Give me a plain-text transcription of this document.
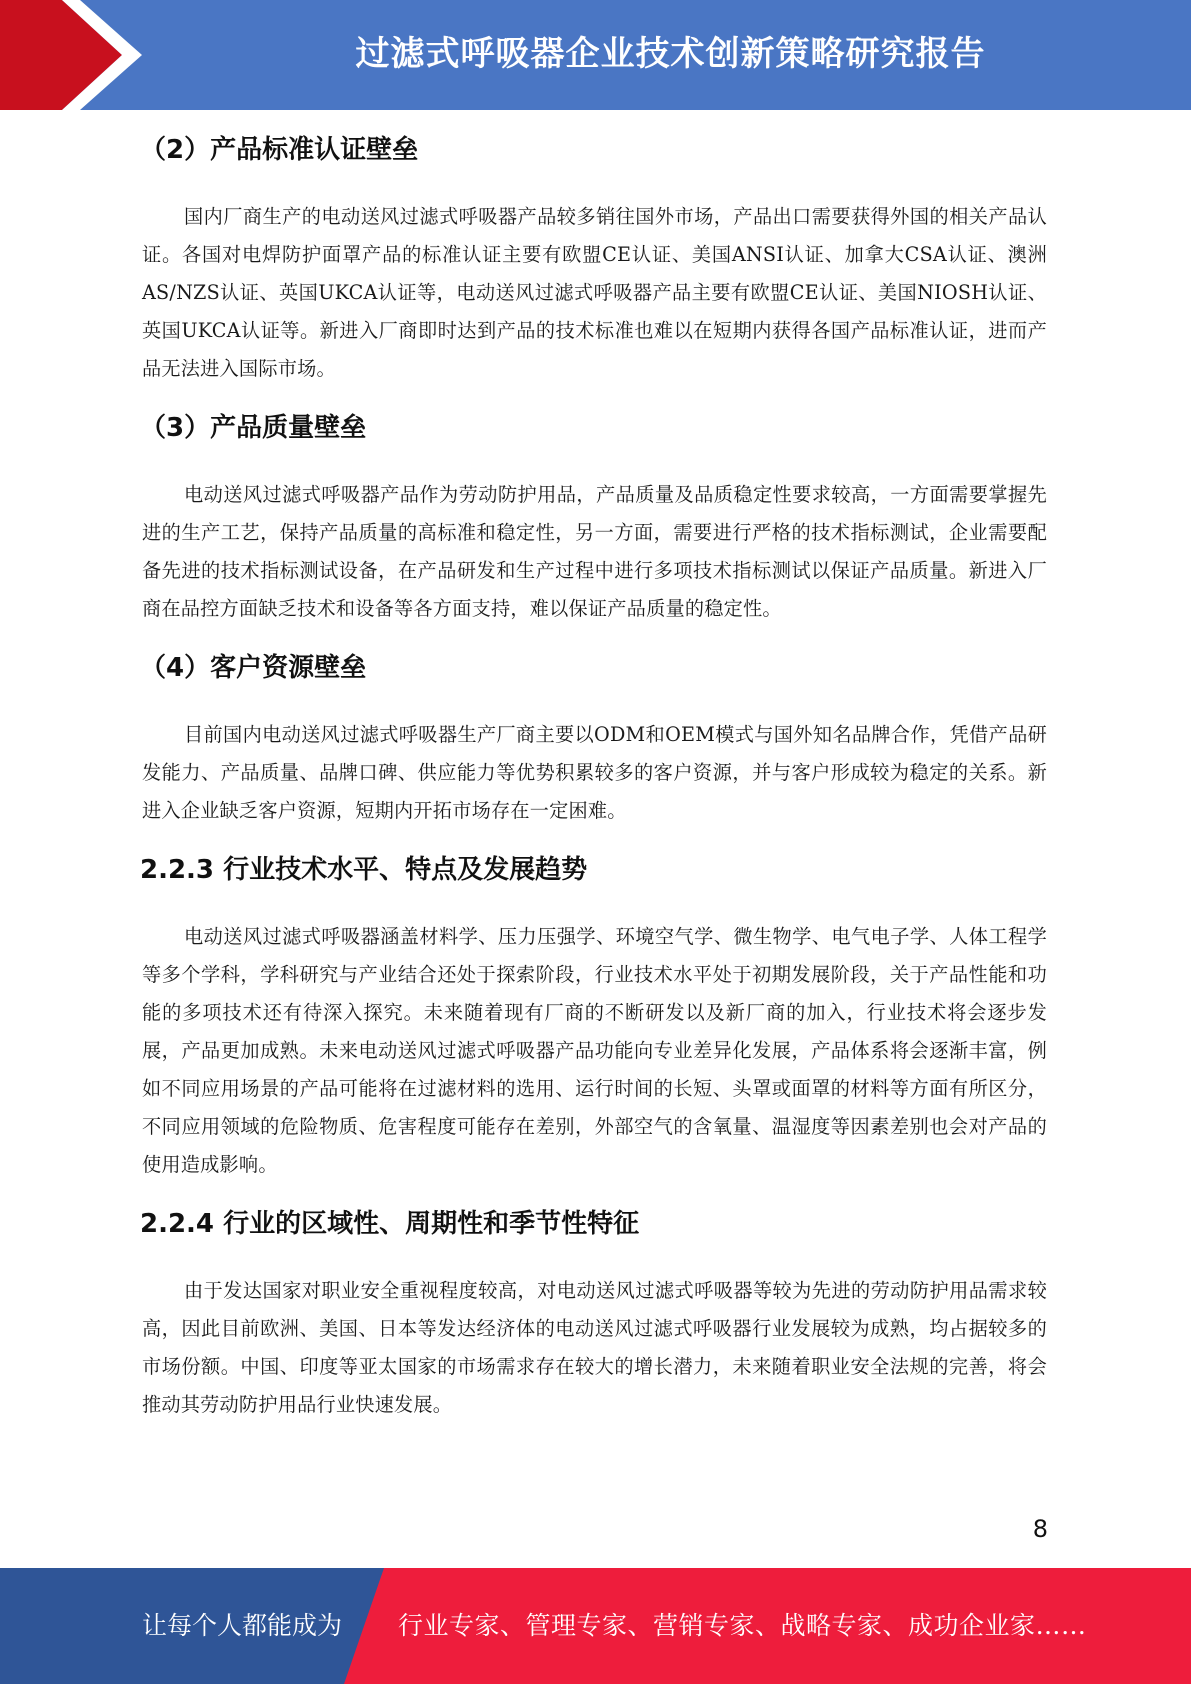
过滤式呼吸器企业技术创新策略研究报告
（2）产品标准认证壁垒

国内厂商生产的电动送风过滤式呼吸器产品较多销往国外市场，产品出口需要获得外国的相关产品认证。各国对电焊防护面罩产品的标准认证主要有欧盟CE认证、美国ANSI认证、加拿大CSA认证、澳洲AS/NZS认证、英国UKCA认证等，电动送风过滤式呼吸器产品主要有欧盟CE认证、美国NIOSH认证、英国UKCA认证等。新进入厂商即时达到产品的技术标准也难以在短期内获得各国产品标准认证，进而产品无法进入国际市场。

（3）产品质量壁垒

电动送风过滤式呼吸器产品作为劳动防护用品，产品质量及品质稳定性要求较高，一方面需要掌握先进的生产工艺，保持产品质量的高标准和稳定性，另一方面，需要进行严格的技术指标测试，企业需要配备先进的技术指标测试设备，在产品研发和生产过程中进行多项技术指标测试以保证产品质量。新进入厂商在品控方面缺乏技术和设备等各方面支持，难以保证产品质量的稳定性。

（4）客户资源壁垒

目前国内电动送风过滤式呼吸器生产厂商主要以ODM和OEM模式与国外知名品牌合作，凭借产品研发能力、产品质量、品牌口碑、供应能力等优势积累较多的客户资源，并与客户形成较为稳定的关系。新进入企业缺乏客户资源，短期内开拓市场存在一定困难。

2.2.3 行业技术水平、特点及发展趋势

电动送风过滤式呼吸器涵盖材料学、压力压强学、环境空气学、微生物学、电气电子学、人体工程学等多个学科，学科研究与产业结合还处于探索阶段，行业技术水平处于初期发展阶段，关于产品性能和功能的多项技术还有待深入探究。未来随着现有厂商的不断研发以及新厂商的加入，行业技术将会逐步发展，产品更加成熟。未来电动送风过滤式呼吸器产品功能向专业差异化发展，产品体系将会逐渐丰富，例如不同应用场景的产品可能将在过滤材料的选用、运行时间的长短、头罩或面罩的材料等方面有所区分，不同应用领域的危险物质、危害程度可能存在差别，外部空气的含氧量、温湿度等因素差别也会对产品的使用造成影响。

2.2.4 行业的区域性、周期性和季节性特征

由于发达国家对职业安全重视程度较高，对电动送风过滤式呼吸器等较为先进的劳动防护用品需求较高，因此目前欧洲、美国、日本等发达经济体的电动送风过滤式呼吸器行业发展较为成熟，均占据较多的市场份额。中国、印度等亚太国家的市场需求存在较大的增长潜力，未来随着职业安全法规的完善，将会推动其劳动防护用品行业快速发展。

8
让每个人都能成为 行业专家、管理专家、营销专家、战略专家、成功企业家……
